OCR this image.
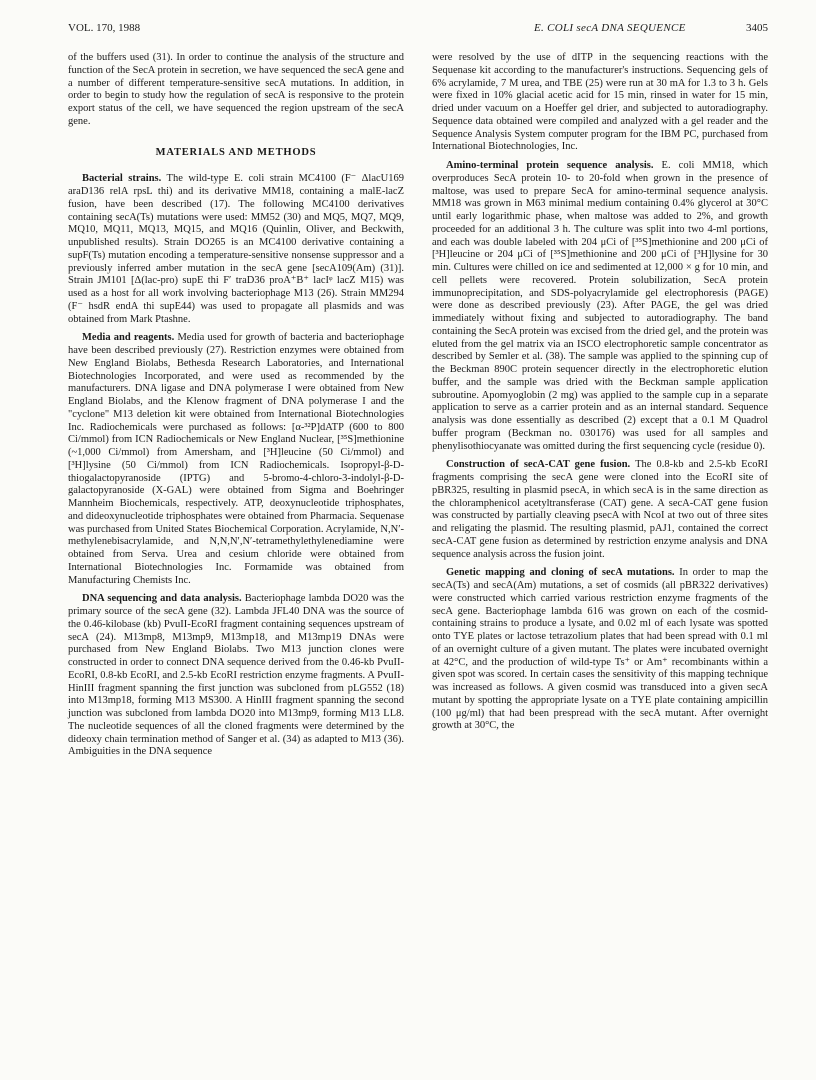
VOL. 170, 1988	E. COLI secA DNA SEQUENCE	3405

of the buffers used (31). In order to continue the analysis of the structure and function of the SecA protein in secretion, we have sequenced the secA gene and a number of different temperature-sensitive secA mutations. In addition, in order to begin to study how the regulation of secA is responsive to the protein export status of the cell, we have sequenced the region upstream of the secA gene.

MATERIALS AND METHODS

Bacterial strains. The wild-type E. coli strain MC4100 (F⁻ ΔlacU169 araD136 relA rpsL thi) and its derivative MM18, containing a malE-lacZ fusion, have been described (17). The following MC4100 derivatives containing secA(Ts) mutations were used: MM52 (30) and MQ5, MQ7, MQ9, MQ10, MQ11, MQ13, MQ15, and MQ16 (Quinlin, Oliver, and Beckwith, unpublished results). Strain DO265 is an MC4100 derivative containing a supF(Ts) mutation encoding a temperature-sensitive nonsense suppressor and a previously inferred amber mutation in the secA gene [secA109(Am) (31)]. Strain JM101 [Δ(lac-pro) supE thi F′ traD36 proA⁺B⁺ lacIᵠ lacZ M15) was used as a host for all work involving bacteriophage M13 (26). Strain MM294 (F⁻ hsdR endA thi supE44) was used to propagate all plasmids and was obtained from Mark Ptashne.

Media and reagents. Media used for growth of bacteria and bacteriophage have been described previously (27). Restriction enzymes were obtained from New England Biolabs, Bethesda Research Laboratories, and International Biotechnologies Incorporated, and were used as recommended by the manufacturers. DNA ligase and DNA polymerase I were obtained from New England Biolabs, and the Klenow fragment of DNA polymerase I and the "cyclone" M13 deletion kit were obtained from International Biotechnologies Inc. Radiochemicals were purchased as follows: [α-³²P]dATP (600 to 800 Ci/mmol) from ICN Radiochemicals or New England Nuclear, [³⁵S]methionine (~1,000 Ci/mmol) from Amersham, and [³H]leucine (50 Ci/mmol) and [³H]lysine (50 Ci/mmol) from ICN Radiochemicals. Isopropyl-β-D-thiogalactopyranoside (IPTG) and 5-bromo-4-chloro-3-indolyl-β-D-galactopyranoside (X-GAL) were obtained from Sigma and Boehringer Mannheim Biochemicals, respectively. ATP, deoxynucleotide triphosphates, and dideoxynucleotide triphosphates were obtained from Pharmacia. Sequenase was purchased from United States Biochemical Corporation. Acrylamide, N,N′-methylenebisacrylamide, and N,N,N′,N′-tetramethylethylenediamine were obtained from Serva. Urea and cesium chloride were obtained from International Biotechnologies Inc. Formamide was obtained from Manufacturing Chemists Inc.

DNA sequencing and data analysis. Bacteriophage lambda DO20 was the primary source of the secA gene (32). Lambda JFL40 DNA was the source of the 0.46-kilobase (kb) PvuII-EcoRI fragment containing sequences upstream of secA (24). M13mp8, M13mp9, M13mp18, and M13mp19 DNAs were purchased from New England Biolabs. Two M13 junction clones were constructed in order to connect DNA sequence derived from the 0.46-kb PvuII-EcoRI, 0.8-kb EcoRI, and 2.5-kb EcoRI restriction enzyme fragments. A PvuII-HinIII fragment spanning the first junction was subcloned from pLG552 (18) into M13mp18, forming M13 MS300. A HinIII fragment spanning the second junction was subcloned from lambda DO20 into M13mp9, forming M13 LL8. The nucleotide sequences of all the cloned fragments were determined by the dideoxy chain termination method of Sanger et al. (34) as adapted to M13 (36). Ambiguities in the DNA sequence

were resolved by the use of dITP in the sequencing reactions with the Sequenase kit according to the manufacturer's instructions. Sequencing gels of 6% acrylamide, 7 M urea, and TBE (25) were run at 30 mA for 1.3 to 3 h. Gels were fixed in 10% glacial acetic acid for 15 min, rinsed in water for 15 min, dried under vacuum on a Hoeffer gel drier, and subjected to autoradiography. Sequence data obtained were compiled and analyzed with a gel reader and the Sequence Analysis System computer program for the IBM PC, purchased from International Biotechnologies, Inc.

Amino-terminal protein sequence analysis. E. coli MM18, which overproduces SecA protein 10- to 20-fold when grown in the presence of maltose, was used to prepare SecA for amino-terminal sequence analysis. MM18 was grown in M63 minimal medium containing 0.4% glycerol at 30°C until early logarithmic phase, when maltose was added to 2%, and growth proceeded for an additional 3 h. The culture was split into two 4-ml portions, and each was double labeled with 204 μCi of [³⁵S]methionine and 200 μCi of [³H]leucine or 204 μCi of [³⁵S]methionine and 200 μCi of [³H]lysine for 30 min. Cultures were chilled on ice and sedimented at 12,000 × g for 10 min, and cell pellets were recovered. Protein solubilization, SecA protein immunoprecipitation, and SDS-polyacrylamide gel electrophoresis (PAGE) were done as described previously (23). After PAGE, the gel was dried immediately without fixing and subjected to autoradiography. The band containing the SecA protein was excised from the dried gel, and the protein was eluted from the gel matrix via an ISCO electrophoretic sample concentrator as described by Semler et al. (38). The sample was applied to the spinning cup of the Beckman 890C protein sequencer directly in the electrophoretic elution buffer, and the sample was dried with the Beckman sample application subroutine. Apomyoglobin (2 mg) was applied to the sample cup in a separate application to serve as a carrier protein and as an internal standard. Sequence analysis was done essentially as described (2) except that a 0.1 M Quadrol buffer program (Beckman no. 030176) was used for all samples and phenylisothiocyanate was omitted during the first sequencing cycle (residue 0).

Construction of secA-CAT gene fusion. The 0.8-kb and 2.5-kb EcoRI fragments comprising the secA gene were cloned into the EcoRI site of pBR325, resulting in plasmid psecA, in which secA is in the same direction as the chloramphenicol acetyltransferase (CAT) gene. A secA-CAT gene fusion was constructed by partially cleaving psecA with NcoI at two out of three sites and religating the plasmid. The resulting plasmid, pAJ1, contained the correct secA-CAT gene fusion as determined by restriction enzyme analysis and DNA sequence analysis across the fusion joint.

Genetic mapping and cloning of secA mutations. In order to map the secA(Ts) and secA(Am) mutations, a set of cosmids (all pBR322 derivatives) were constructed which carried various restriction enzyme fragments of the secA gene. Bacteriophage lambda 616 was grown on each of the cosmid-containing strains to produce a lysate, and 0.02 ml of each lysate was spotted onto TYE plates or lactose tetrazolium plates that had been spread with 0.1 ml of an overnight culture of a given mutant. The plates were incubated overnight at 42°C, and the production of wild-type Ts⁺ or Am⁺ recombinants within a given spot was scored. In certain cases the sensitivity of this mapping technique was increased as follows. A given cosmid was transduced into a given secA mutant by spotting the appropriate lysate on a TYE plate containing ampicillin (100 μg/ml) that had been prespread with the secA mutant. After overnight growth at 30°C, the
